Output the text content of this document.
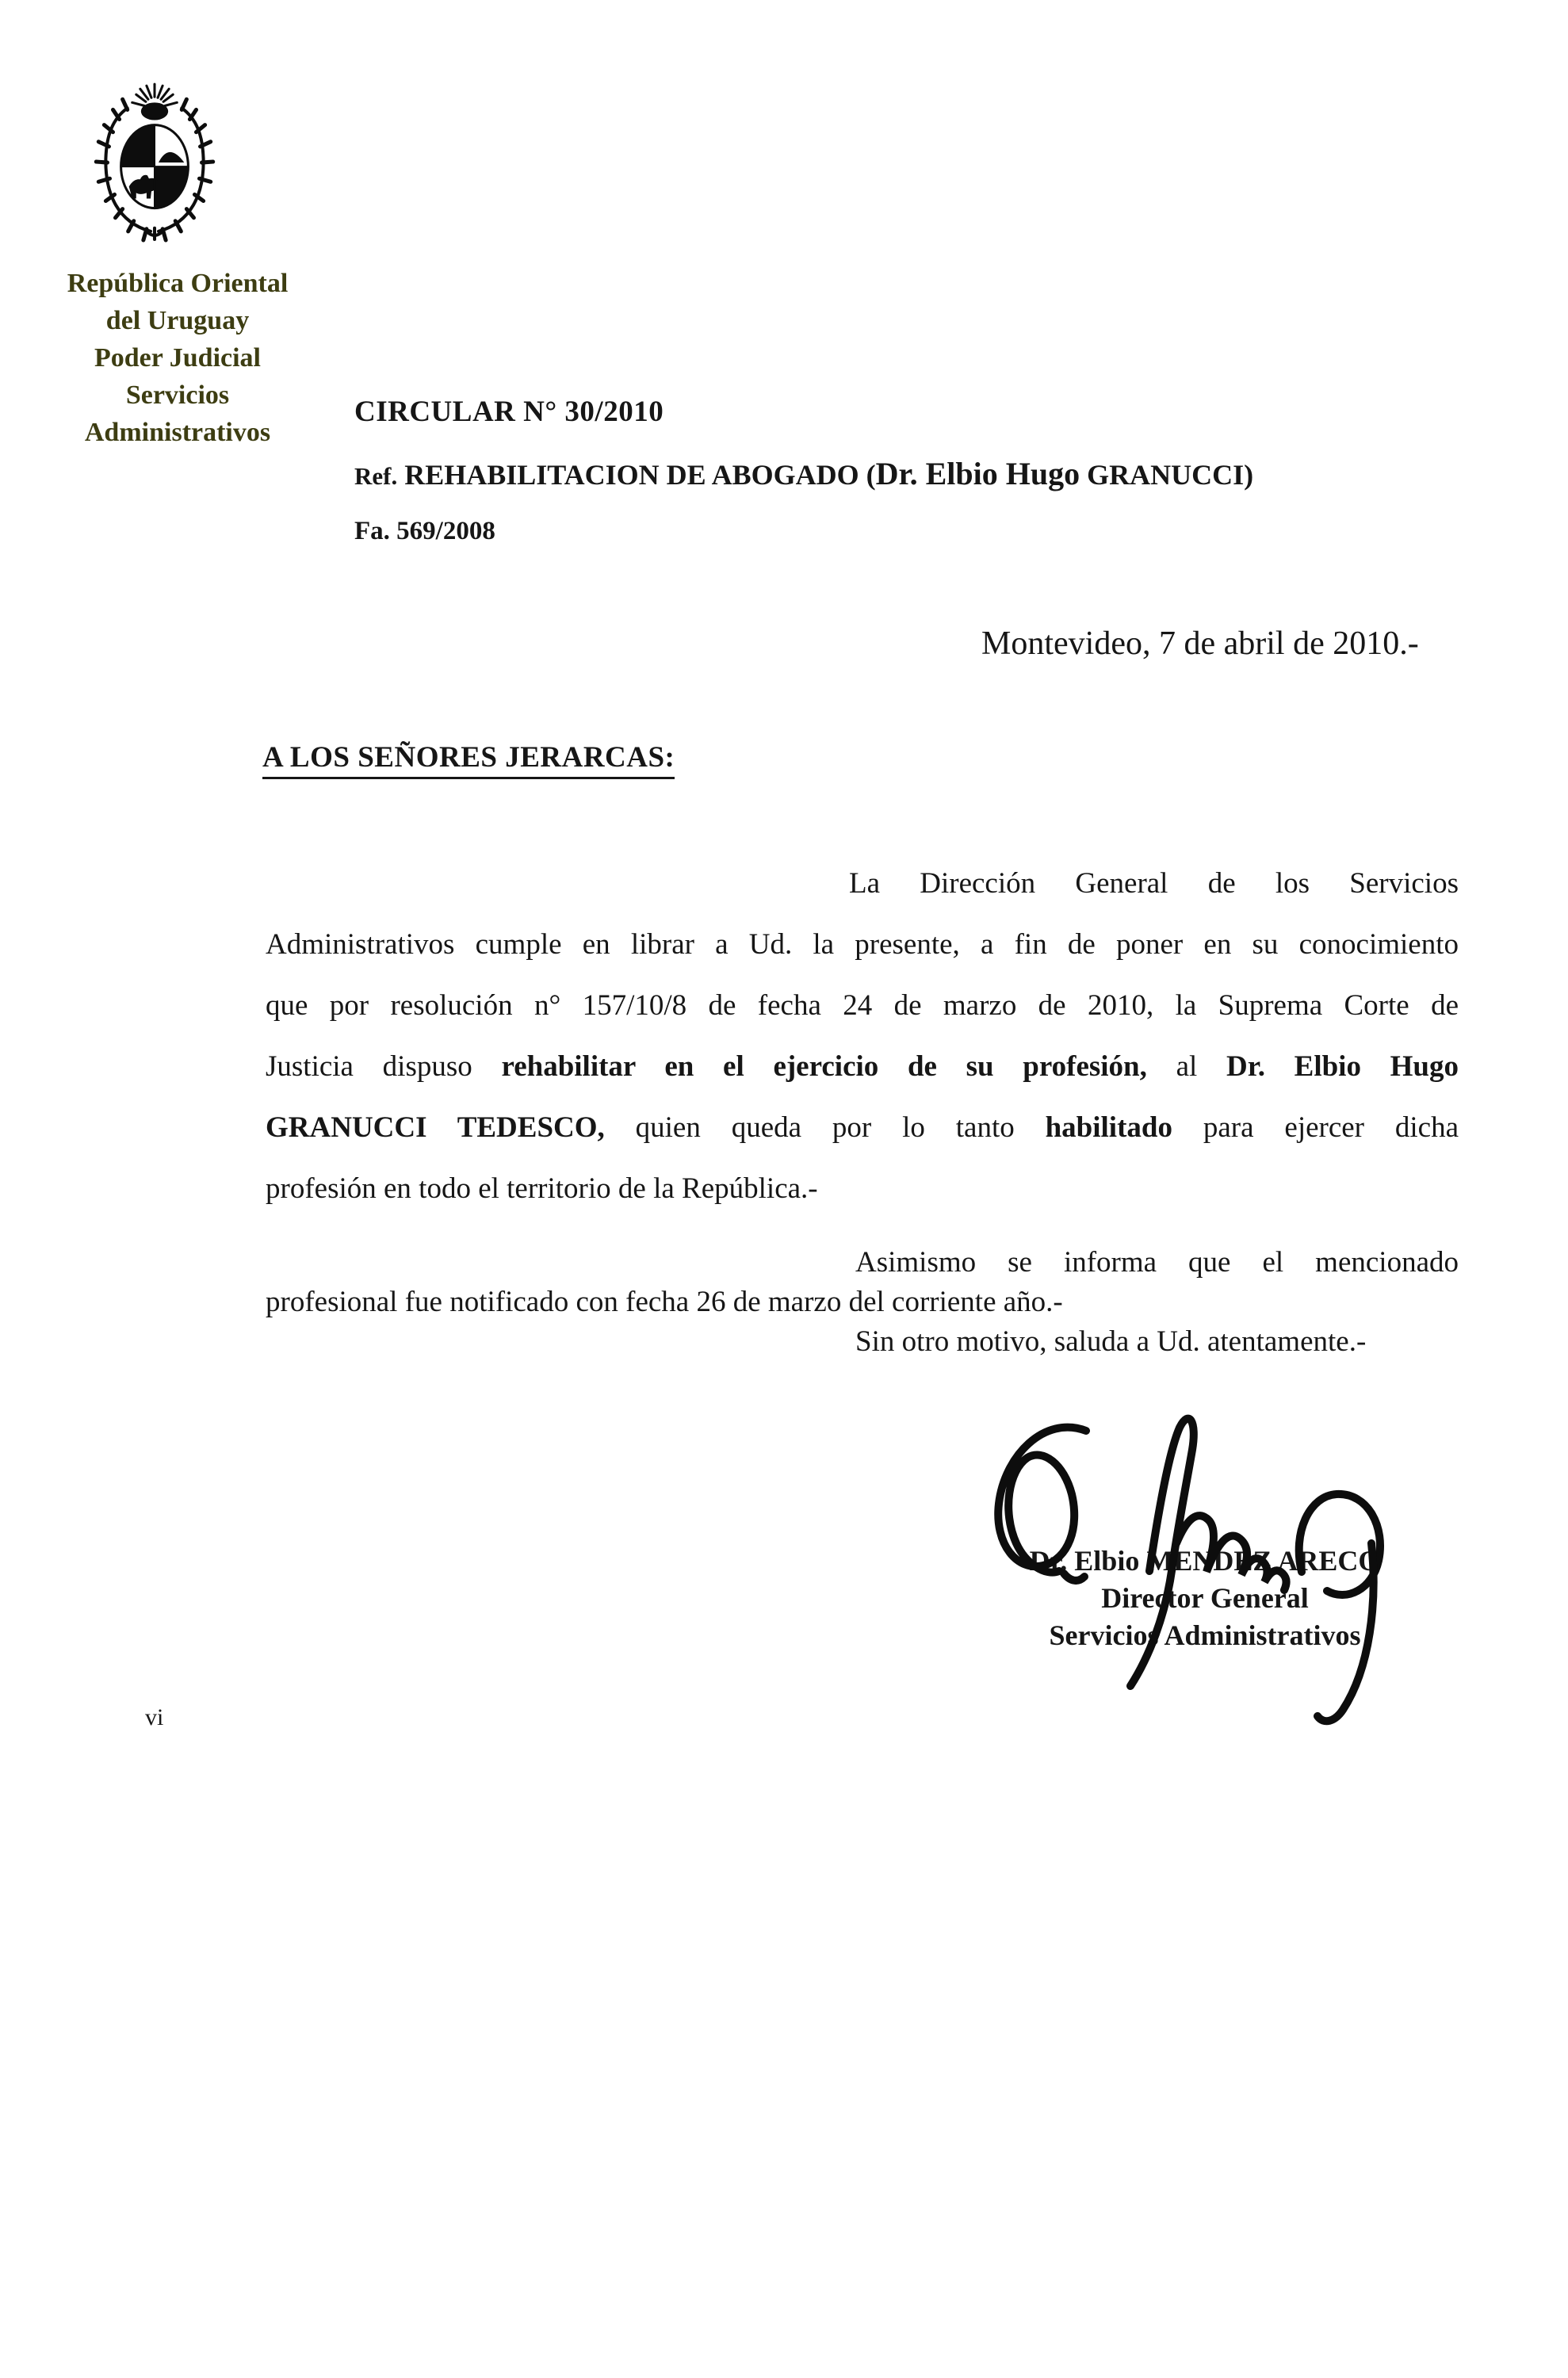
República Oriental
del Uruguay
Poder Judicial
Servicios
Administrativos
CIRCULAR N° 30/2010
Ref. REHABILITACION DE ABOGADO (Dr. Elbio Hugo GRANUCCI)
Fa. 569/2008
Montevideo, 7 de abril de 2010.-
A LOS SEÑORES JERARCAS:
La Dirección General de los Servicios
Administrativos cumple en librar a Ud. la presente, a fin de poner en su conocimiento
que por resolución n° 157/10/8 de fecha 24 de marzo de 2010, la Suprema Corte de
Justicia dispuso rehabilitar en el ejercicio de su profesión, al Dr. Elbio Hugo
GRANUCCI TEDESCO, quien queda por lo tanto habilitado para ejercer dicha
profesión en todo el territorio de la República.-
Asimismo se informa que el mencionado
profesional fue notificado con fecha 26 de marzo del corriente año.-
Sin otro motivo, saluda a Ud. atentamente.-
Dr. Elbio MENDEZ ARECO
Director General
Servicios Administrativos
vi
